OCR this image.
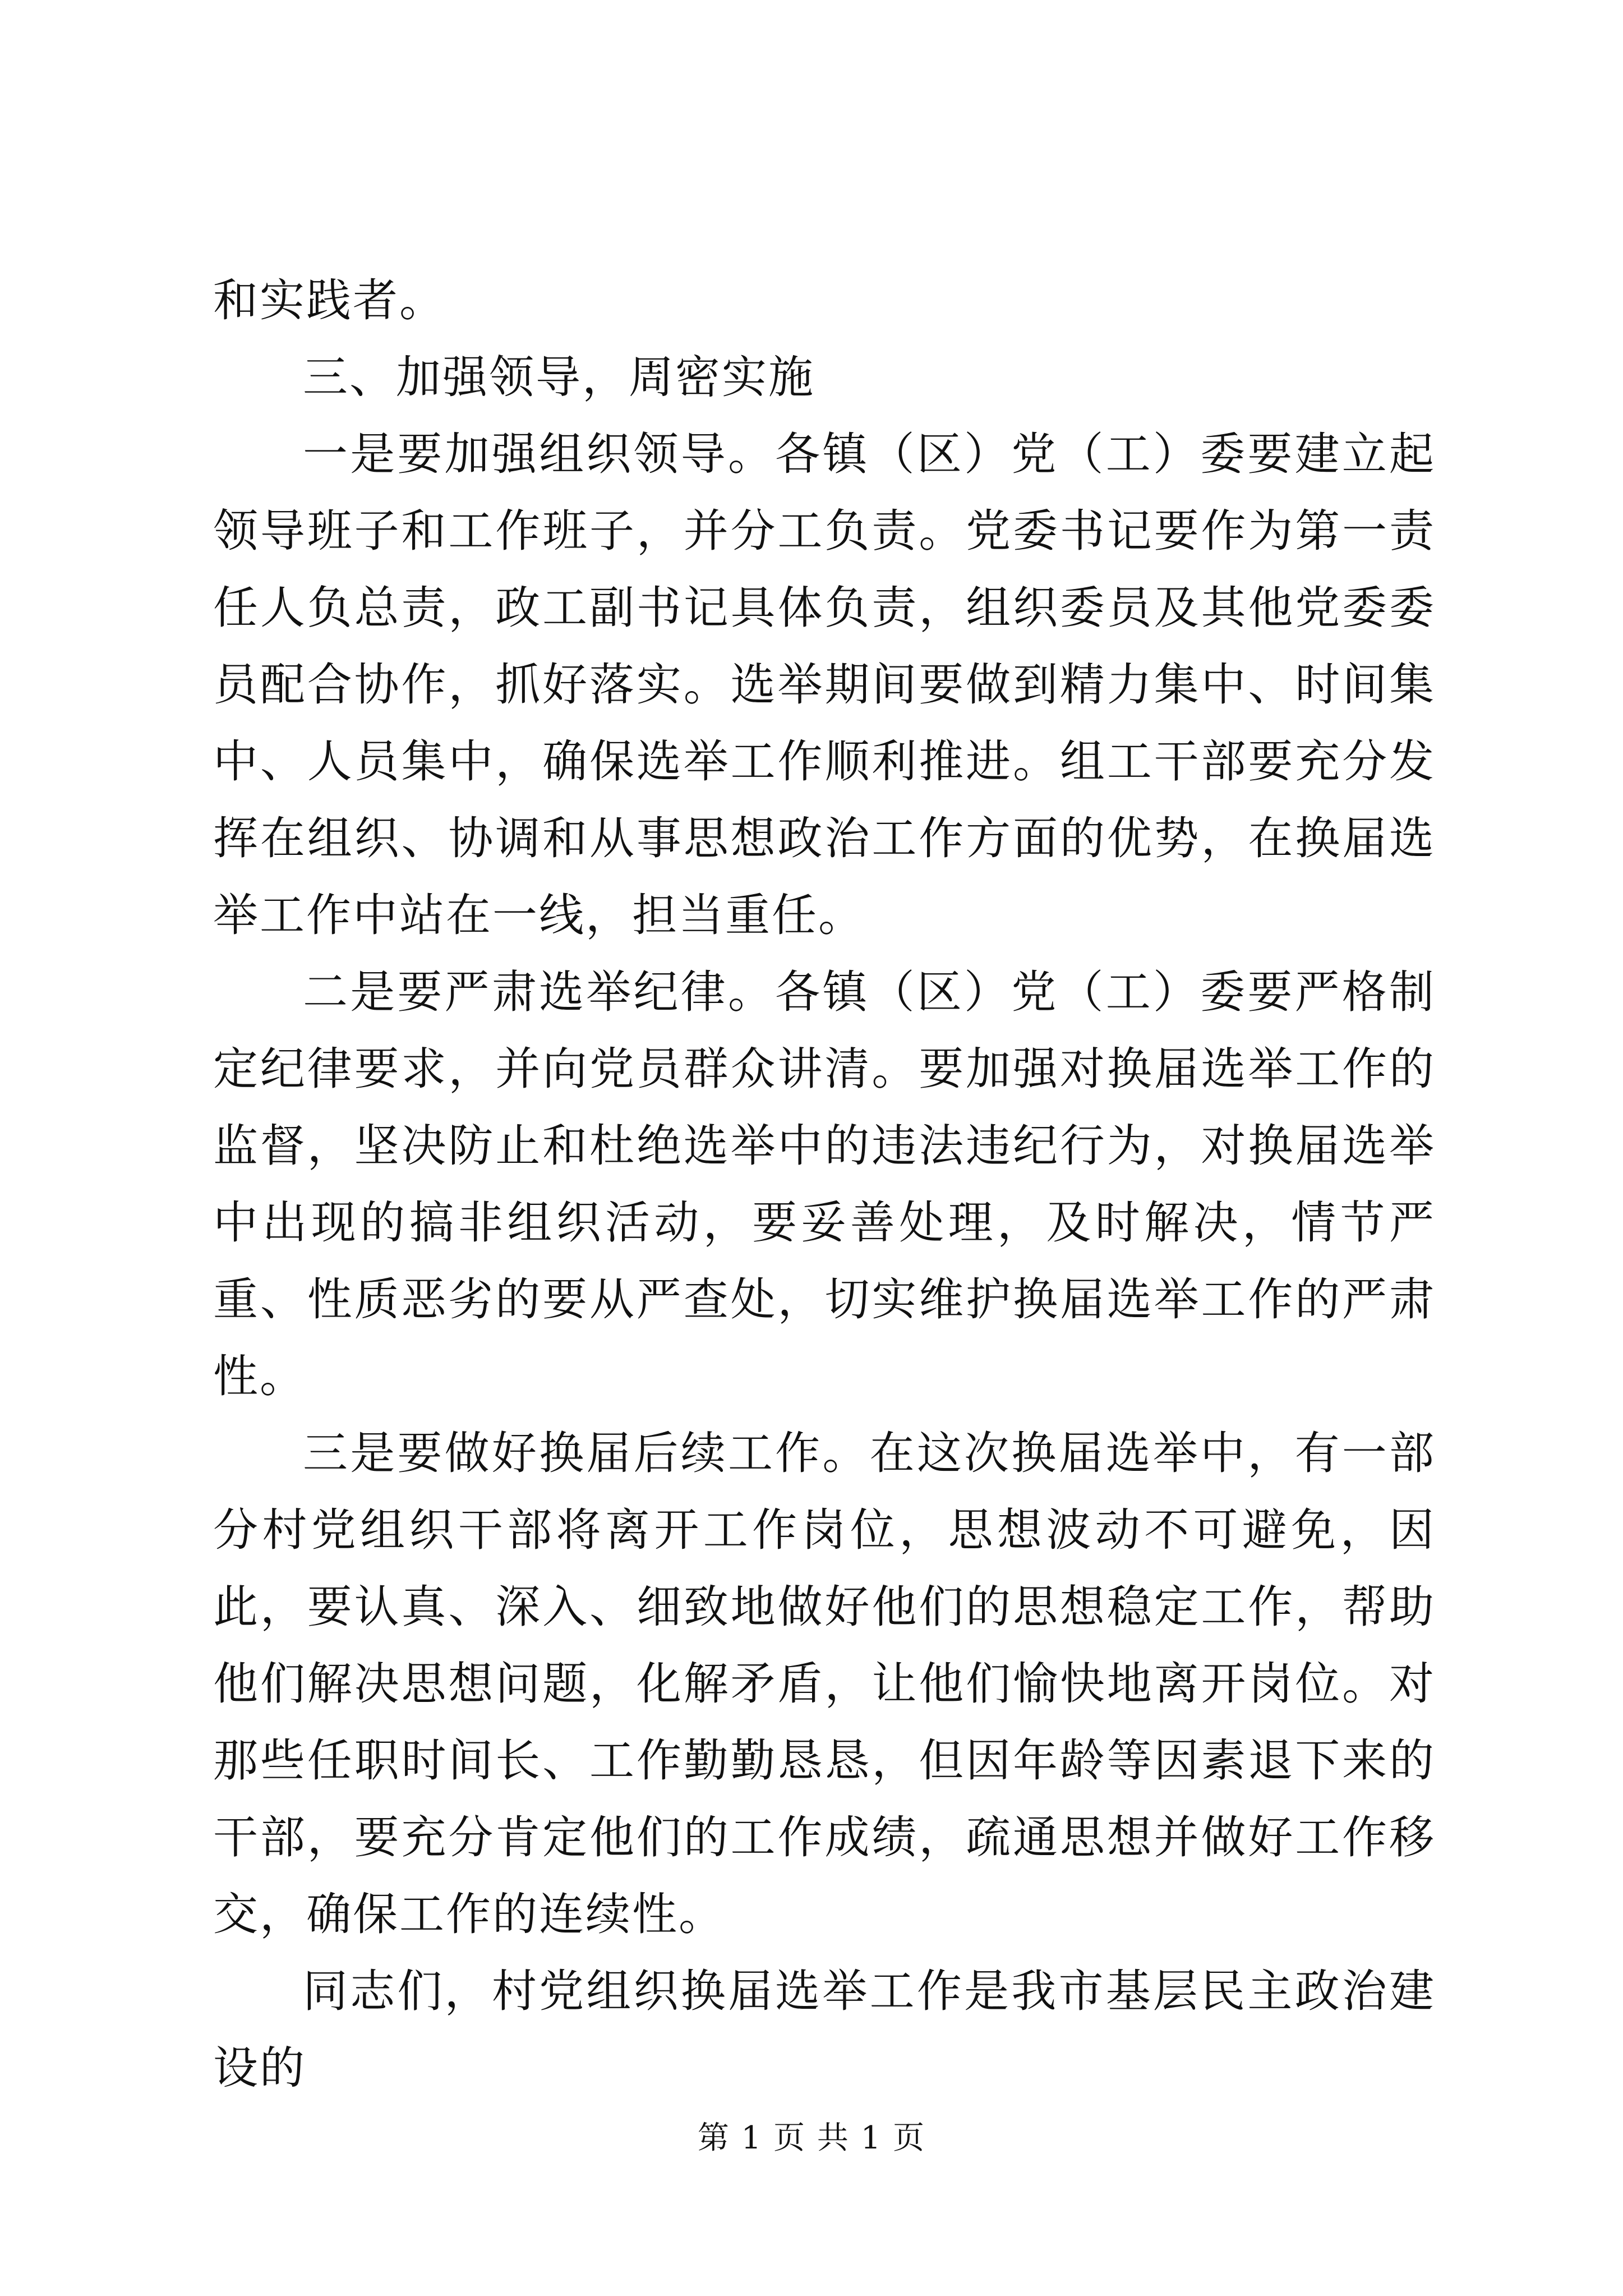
和实践者。

三、加强领导，周密实施

一是要加强组织领导。各镇（区）党（工）委要建立起领导班子和工作班子，并分工负责。党委书记要作为第一责任人负总责，政工副书记具体负责，组织委员及其他党委委员配合协作，抓好落实。选举期间要做到精力集中、时间集中、人员集中，确保选举工作顺利推进。组工干部要充分发挥在组织、协调和从事思想政治工作方面的优势，在换届选举工作中站在一线，担当重任。

二是要严肃选举纪律。各镇（区）党（工）委要严格制定纪律要求，并向党员群众讲清。要加强对换届选举工作的监督，坚决防止和杜绝选举中的违法违纪行为，对换届选举中出现的搞非组织活动，要妥善处理，及时解决，情节严重、性质恶劣的要从严查处，切实维护换届选举工作的严肃性。

三是要做好换届后续工作。在这次换届选举中，有一部分村党组织干部将离开工作岗位，思想波动不可避免，因此，要认真、深入、细致地做好他们的思想稳定工作，帮助他们解决思想问题，化解矛盾，让他们愉快地离开岗位。对那些任职时间长、工作勤勤恳恳，但因年龄等因素退下来的干部，要充分肯定他们的工作成绩，疏通思想并做好工作移交，确保工作的连续性。

同志们，村党组织换届选举工作是我市基层民主政治建设的

第 1 页 共 1 页
